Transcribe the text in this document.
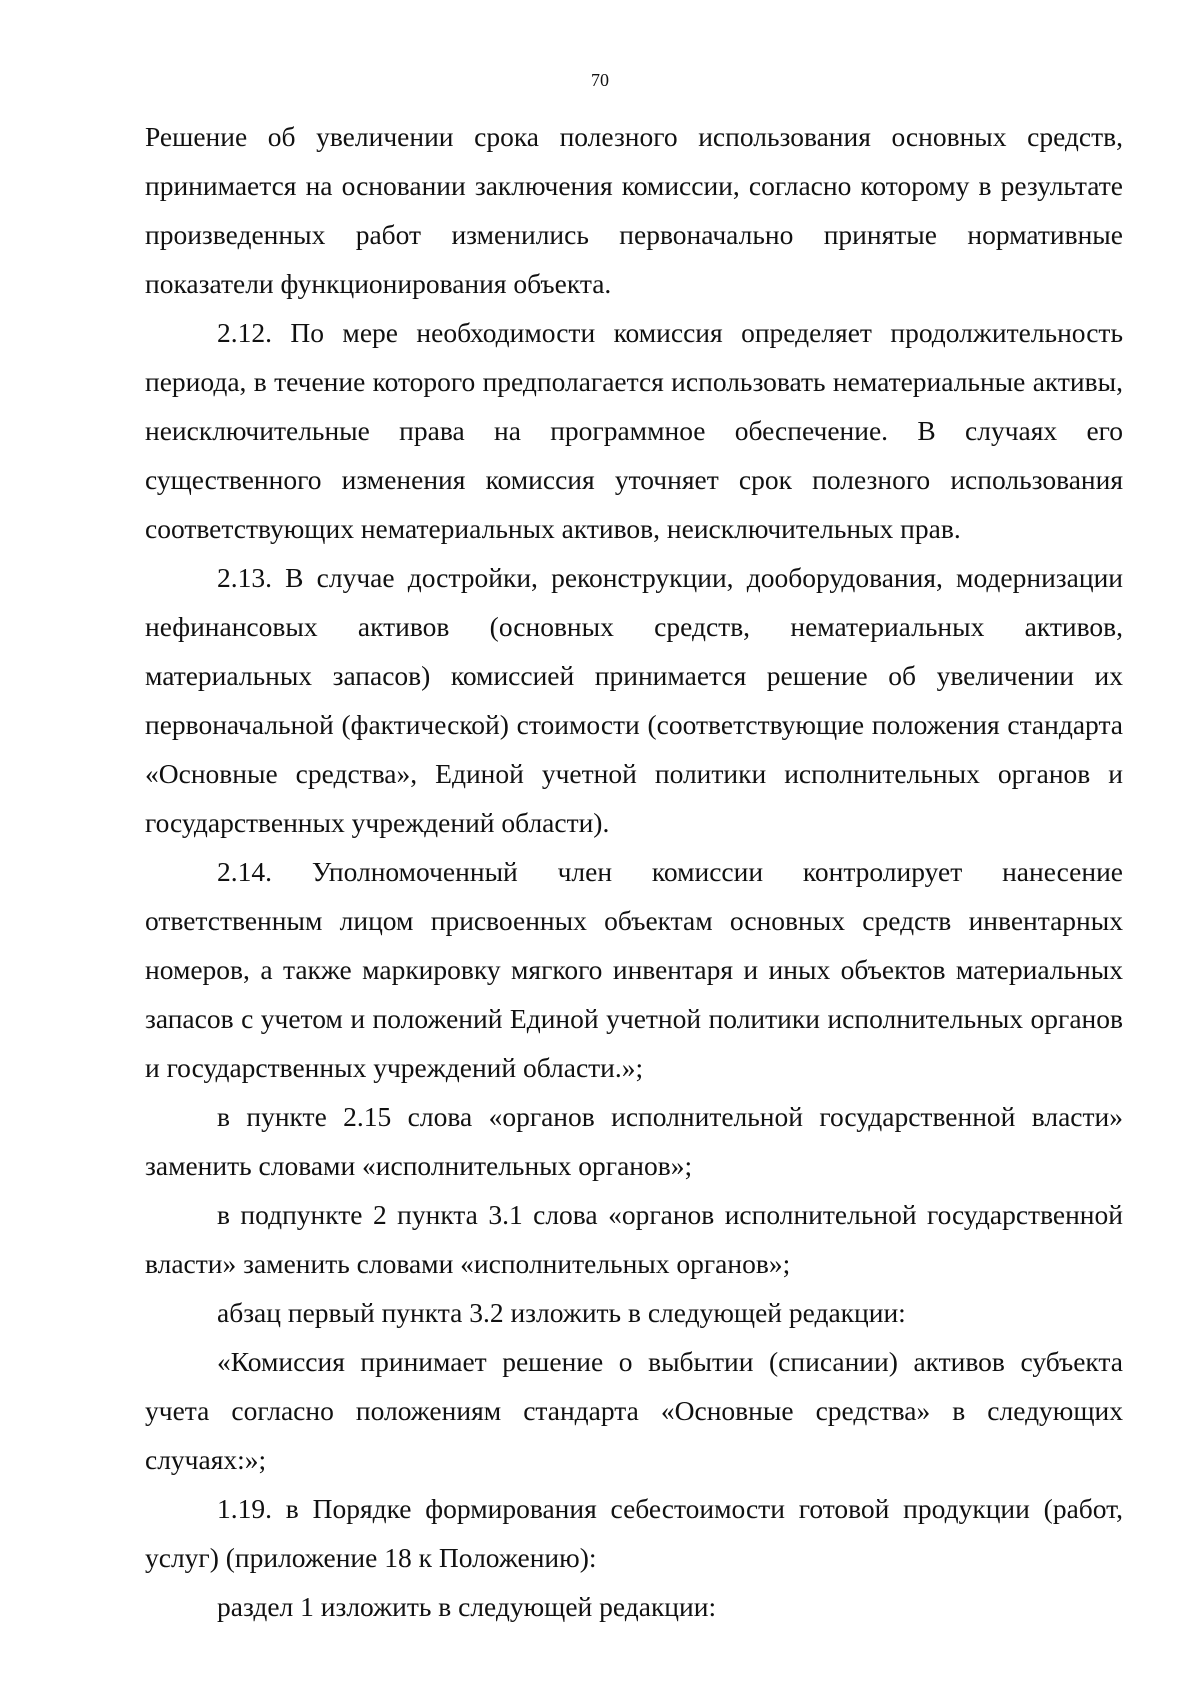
70

Решение об увеличении срока полезного использования основных средств, принимается на основании заключения комиссии, согласно которому в результате произведенных работ изменились первоначально принятые нормативные показатели функционирования объекта.

2.12. По мере необходимости комиссия определяет продолжительность периода, в течение которого предполагается использовать нематериальные активы, неисключительные права на программное обеспечение. В случаях его существенного изменения комиссия уточняет срок полезного использования соответствующих нематериальных активов, неисключительных прав.

2.13. В случае достройки, реконструкции, дооборудования, модернизации нефинансовых активов (основных средств, нематериальных активов, материальных запасов) комиссией принимается решение об увеличении их первоначальной (фактической) стоимости (соответствующие положения стандарта «Основные средства», Единой учетной политики исполнительных органов и государственных учреждений области).

2.14. Уполномоченный член комиссии контролирует нанесение ответственным лицом присвоенных объектам основных средств инвентарных номеров, а также маркировку мягкого инвентаря и иных объектов материальных запасов с учетом и положений Единой учетной политики исполнительных органов и государственных учреждений области.»;

в пункте 2.15 слова «органов исполнительной государственной власти» заменить словами «исполнительных органов»;

в подпункте 2 пункта 3.1 слова «органов исполнительной государственной власти» заменить словами «исполнительных органов»;

абзац первый пункта 3.2 изложить в следующей редакции:

«Комиссия принимает решение о выбытии (списании) активов субъекта учета согласно положениям стандарта «Основные средства» в следующих случаях:»;

1.19. в Порядке формирования себестоимости готовой продукции (работ, услуг) (приложение 18 к Положению):

раздел 1 изложить в следующей редакции:
